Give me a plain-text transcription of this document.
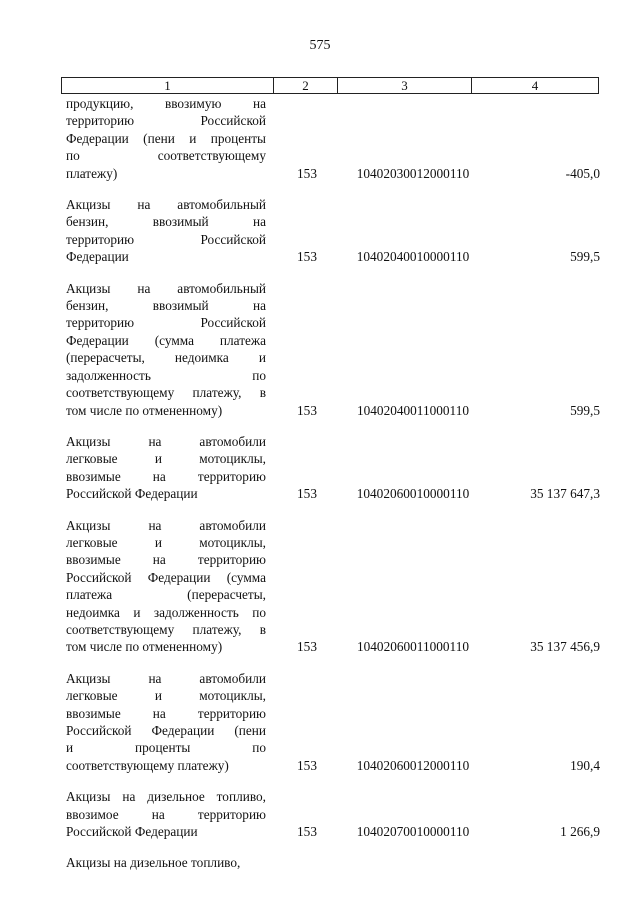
575
1	2	3	4
продукцию, ввозимую на
территорию Российской
Федерации (пени и проценты
по соответствующему
платежу)	153	10402030012000110	-405,0
Акцизы на автомобильный
бензин, ввозимый на
территорию Российской
Федерации	153	10402040010000110	599,5
Акцизы на автомобильный
бензин, ввозимый на
территорию Российской
Федерации (сумма платежа
(перерасчеты, недоимка и
задолженность по
соответствующему платежу, в
том числе по отмененному)	153	10402040011000110	599,5
Акцизы на автомобили
легковые и мотоциклы,
ввозимые на территорию
Российской Федерации	153	10402060010000110	35 137 647,3
Акцизы на автомобили
легковые и мотоциклы,
ввозимые на территорию
Российской Федерации (сумма
платежа (перерасчеты,
недоимка и задолженность по
соответствующему платежу, в
том числе по отмененному)	153	10402060011000110	35 137 456,9
Акцизы на автомобили
легковые и мотоциклы,
ввозимые на территорию
Российской Федерации (пени
и проценты по
соответствующему платежу)	153	10402060012000110	190,4
Акцизы на дизельное топливо,
ввозимое на территорию
Российской Федерации	153	10402070010000110	1 266,9
Акцизы на дизельное топливо,
